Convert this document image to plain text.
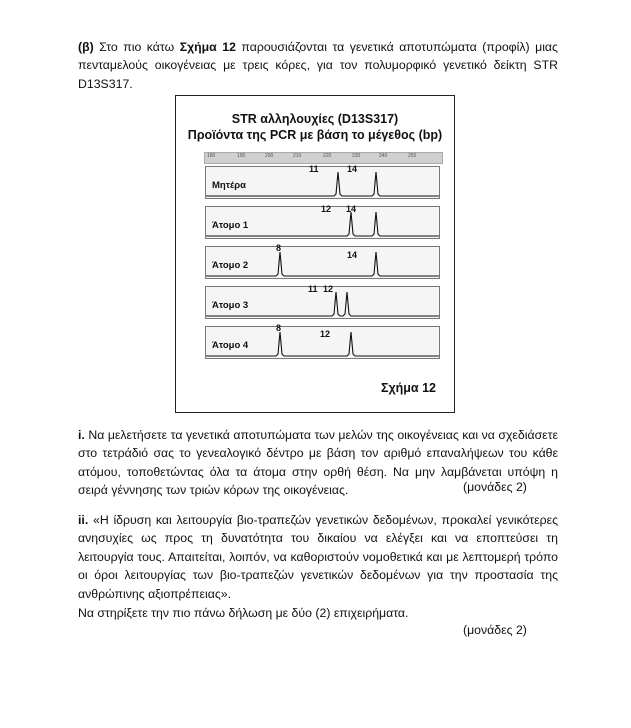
(β) Στο πιο κάτω Σχήμα 12 παρουσιάζονται τα γενετικά αποτυπώματα (προφίλ) μιας πενταμελούς οικογένειας με τρεις κόρες, για τον πολυμορφικό γενετικό δείκτη STR D13S317.
STR αλληλουχίες (D13S317)
Προϊόντα της PCR με βάση το μέγεθος (bp)
180	190	200	210	220	230	240	250
Μητέρα
11	14
Άτομο 1
12 14
Άτομο 2
8
14
Άτομο 3
11 12
Άτομο 4
8
12
Σχήμα 12
i. Να μελετήσετε τα γενετικά αποτυπώματα των μελών της οικογένειας και να σχεδιάσετε στο τετράδιό σας το γενεαλογικό δέντρο με βάση τον αριθμό επαναλήψεων του κάθε ατόμου, τοποθετώντας όλα τα άτομα στην ορθή θέση. Να μην λαμβάνεται υπόψη η σειρά γέννησης των τριών κόρων της οικογένειας.	(μονάδες 2)
ii. «Η ίδρυση και λειτουργία βιο-τραπεζών γενετικών δεδομένων, προκαλεί γενικότερες ανησυχίες ως προς τη δυνατότητα του δικαίου να ελέγξει και να εποπτεύσει τη λειτουργία τους. Απαιτείται, λοιπόν, να καθοριστούν νομοθετικά και με λεπτομερή τρόπο οι όροι λειτουργίας των βιο-τραπεζών γενετικών δεδομένων για την προστασία της ανθρώπινης αξιοπρέπειας».
Να στηρίξετε την πιο πάνω δήλωση με δύο (2) επιχειρήματα.
(μονάδες 2)
